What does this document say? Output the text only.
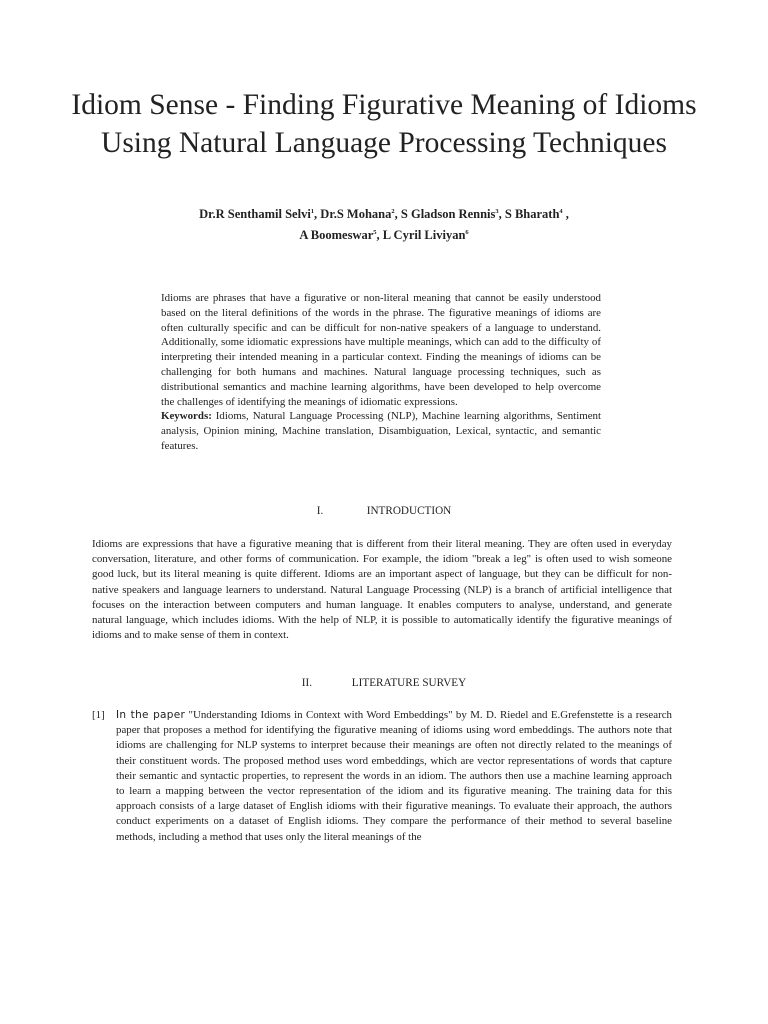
Idiom Sense - Finding Figurative Meaning of Idioms Using Natural Language Processing Techniques
Dr.R Senthamil Selvi$^1$, Dr.S Mohana$^2$, S Gladson Rennis$^3$, S Bharath$^4$ ,
A Boomeswar$^5$, L Cyril Liviyan$^6$

Idioms are phrases that have a figurative or non-literal meaning that cannot be easily understood based on the literal definitions of the words in the phrase. The figurative meanings of idioms are often culturally specific and can be difficult for non-native speakers of a language to understand. Additionally, some idiomatic expressions have multiple meanings, which can add to the difficulty of interpreting their intended meaning in a particular context. Finding the meanings of idioms can be challenging for both humans and machines. Natural language processing techniques, such as distributional semantics and machine learning algorithms, have been developed to help overcome the challenges of identifying the meanings of idiomatic expressions.

Keywords: Idioms, Natural Language Processing (NLP), Machine learning algorithms, Sentiment analysis, Opinion mining, Machine translation, Disambiguation, Lexical, syntactic, and semantic features.

I.	INTRODUCTION

Idioms are expressions that have a figurative meaning that is different from their literal meaning. They are often used in everyday conversation, literature, and other forms of communication. For example, the idiom "break a leg" is often used to wish someone good luck, but its literal meaning is quite different. Idioms are an important aspect of language, but they can be difficult for non-native speakers and language learners to understand. Natural Language Processing (NLP) is a branch of artificial intelligence that focuses on the interaction between computers and human language. It enables computers to analyse, understand, and generate natural language, which includes idioms. With the help of NLP, it is possible to automatically identify the figurative meanings of idioms and to make sense of them in context.

II.	LITERATURE SURVEY
[1] In the paper "Understanding Idioms in Context with Word Embeddings" by M. D. Riedel and E.Grefenstette is a research paper that proposes a method for identifying the figurative meaning of idioms using word embeddings. The authors note that idioms are challenging for NLP systems to interpret because their meanings are often not directly related to the meanings of their constituent words. The proposed method uses word embeddings, which are vector representations of words that capture their semantic and syntactic properties, to represent the words in an idiom. The authors then use a machine learning approach to learn a mapping between the vector representation of the idiom and its figurative meaning. The training data for this approach consists of a large dataset of English idioms with their figurative meanings. To evaluate their approach, the authors conduct experiments on a dataset of English idioms. They compare the performance of their method to several baseline methods, including a method that uses only the literal meanings of the
